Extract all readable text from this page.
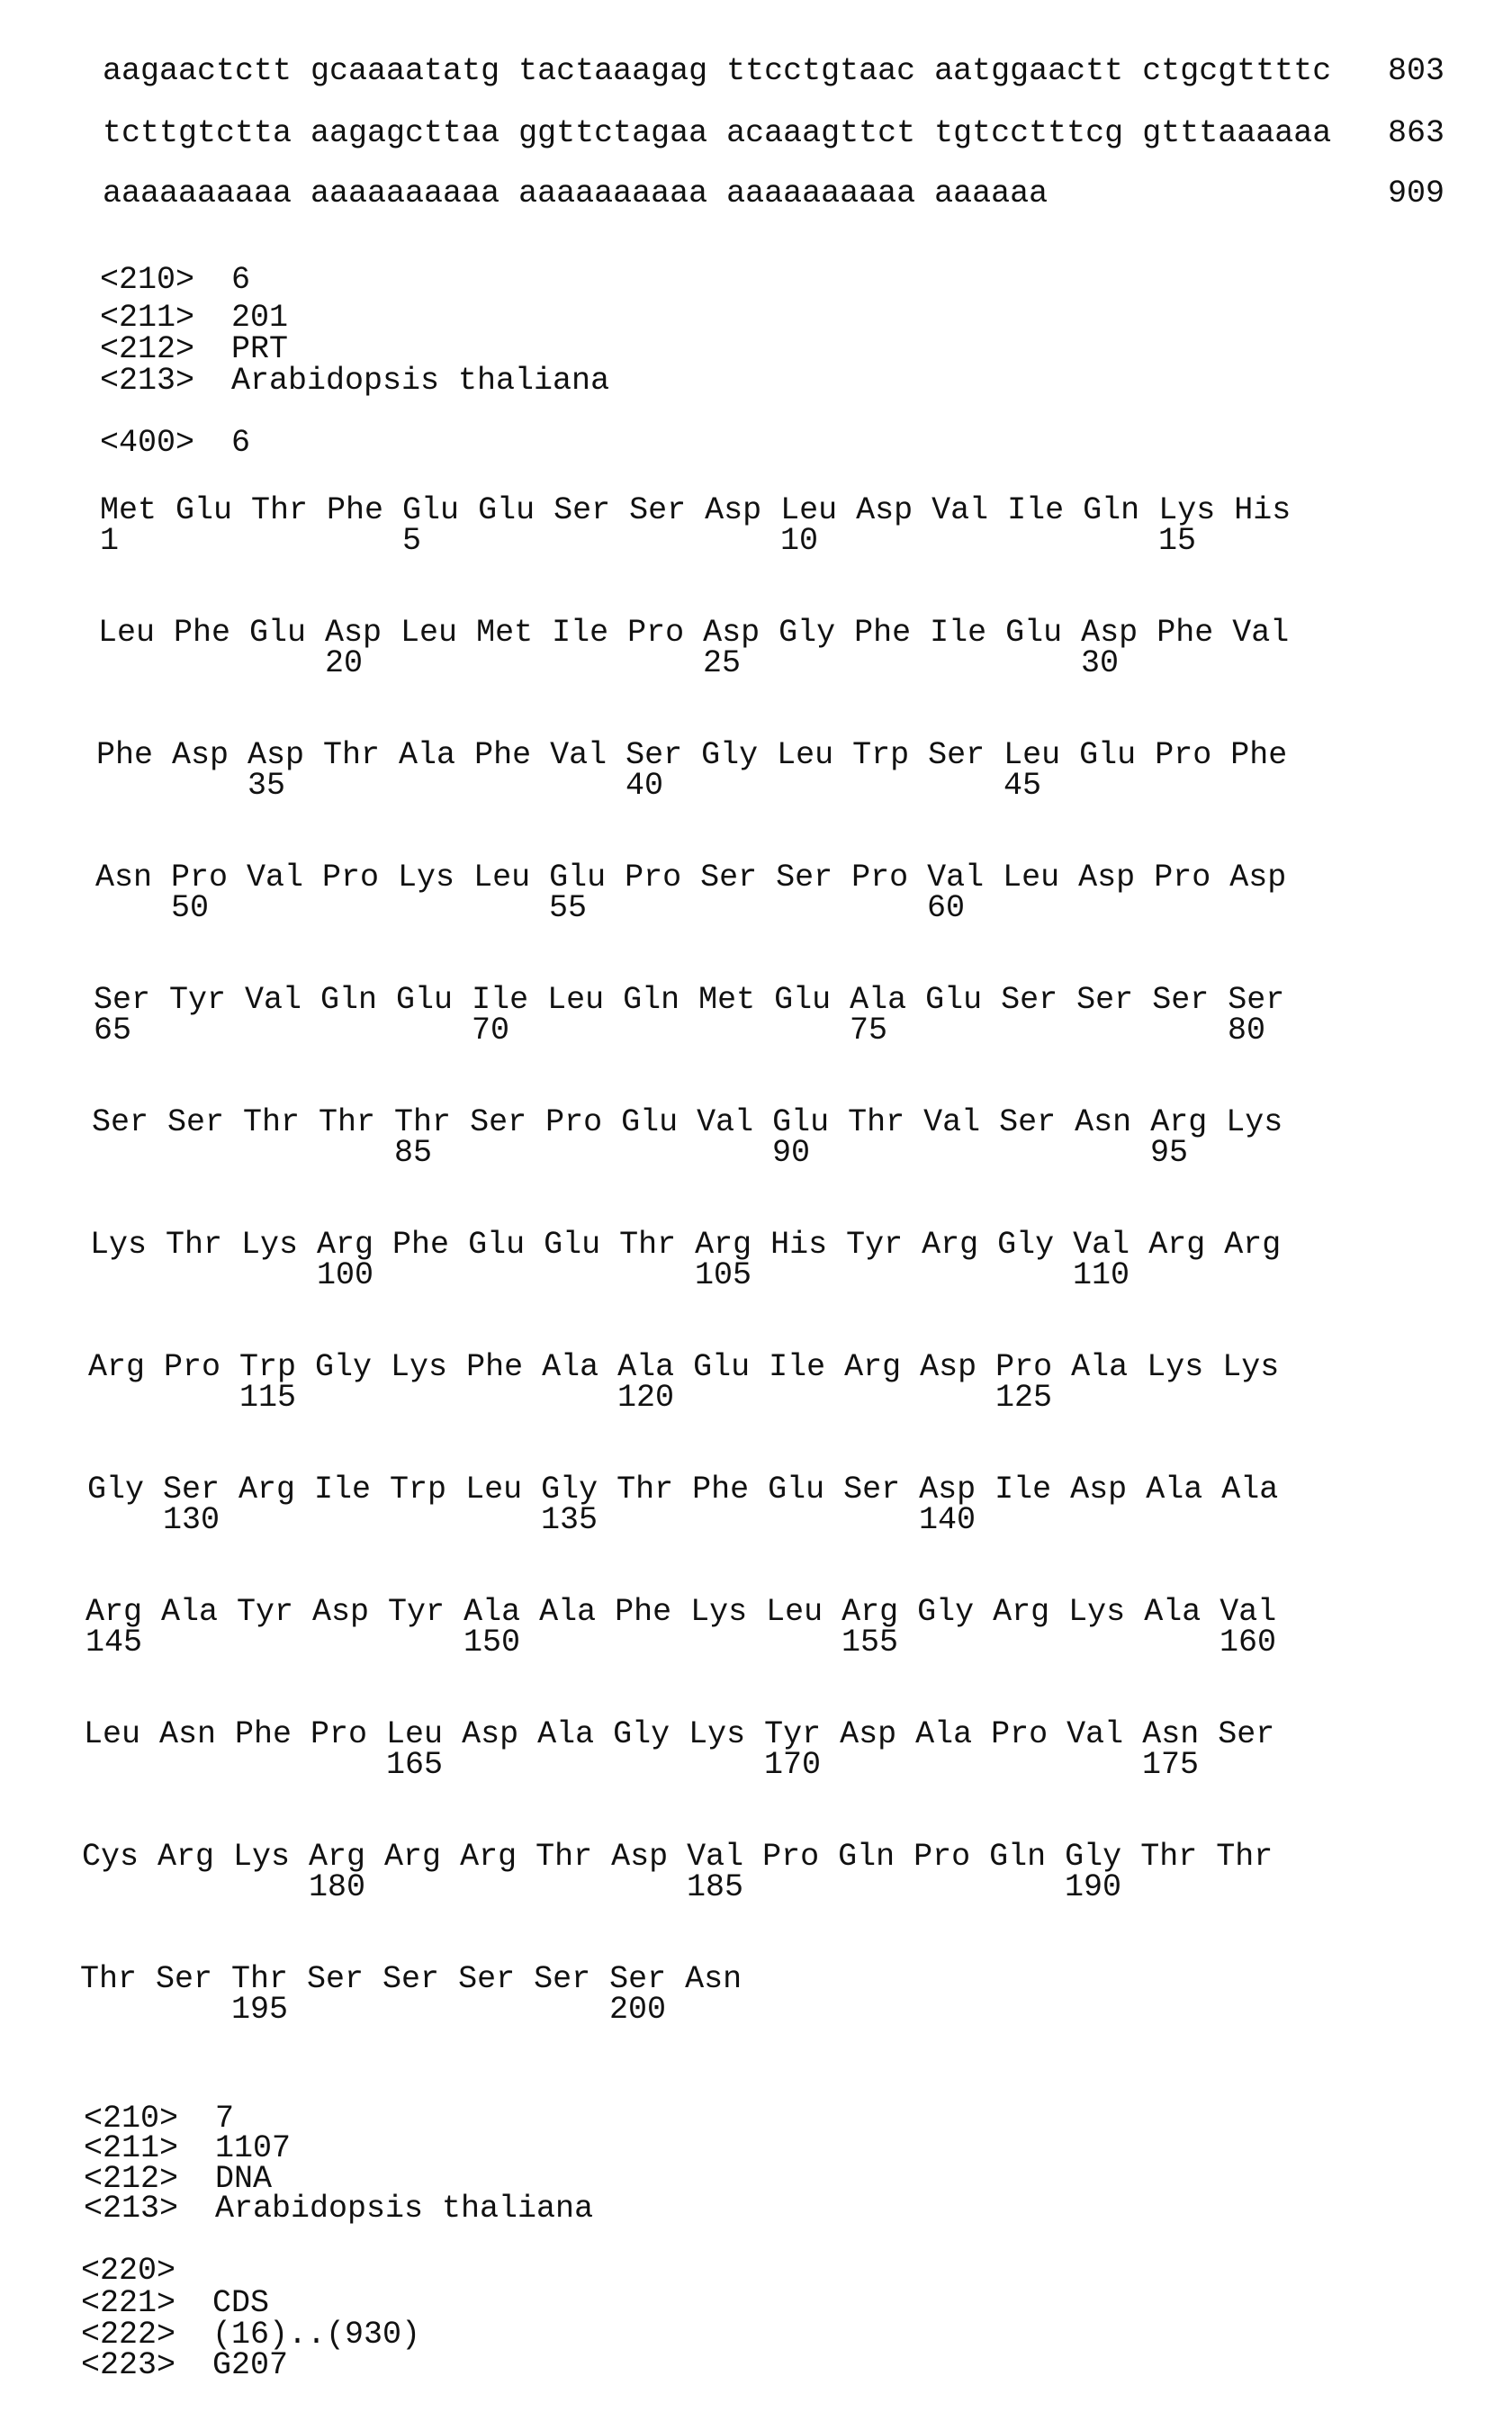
aagaactctt gcaaaatatg tactaaagag ttcctgtaac aatggaactt ctgcgttttc 803
tcttgtctta aagagcttaa ggttctagaa acaaagttct tgtcctttcg gtttaaaaaa 863
aaaaaaaaaa aaaaaaaaaa aaaaaaaaaa aaaaaaaaaa aaaaaa	909
<210> 6
<211> 201
<212> PRT
<213> Arabidopsis thaliana
<400> 6
Met Glu Thr Phe Glu Glu Ser Ser Asp Leu Asp Val Ile Gln Lys His
1	5	10	15
Leu Phe Glu Asp Leu Met Ile Pro Asp Gly Phe Ile Glu Asp Phe Val
20	25	30
Phe Asp Asp Thr Ala Phe Val Ser Gly Leu Trp Ser Leu Glu Pro Phe
35	40	45
Asn Pro Val Pro Lys Leu Glu Pro Ser Ser Pro Val Leu Asp Pro Asp
50	55	60
Ser Tyr Val Gln Glu Ile Leu Gln Met Glu Ala Glu Ser Ser Ser Ser
65	70	75	80
Ser Ser Thr Thr Thr Ser Pro Glu Val Glu Thr Val Ser Asn Arg Lys
85	90	95
Lys Thr Lys Arg Phe Glu Glu Thr Arg His Tyr Arg Gly Val Arg Arg
100	105	110
Arg Pro Trp Gly Lys Phe Ala Ala Glu Ile Arg Asp Pro Ala Lys Lys
115	120	125
Gly Ser Arg Ile Trp Leu Gly Thr Phe Glu Ser Asp Ile Asp Ala Ala
130	135	140
Arg Ala Tyr Asp Tyr Ala Ala Phe Lys Leu Arg Gly Arg Lys Ala Val
145	150	155	160
Leu Asn Phe Pro Leu Asp Ala Gly Lys Tyr Asp Ala Pro Val Asn Ser
165	170	175
Cys Arg Lys Arg Arg Arg Thr Asp Val Pro Gln Pro Gln Gly Thr Thr
180	185	190
Thr Ser Thr Ser Ser Ser Ser Ser Asn
195	200
<210> 7
<211> 1107
<212> DNA
<213> Arabidopsis thaliana
<220>
<221> CDS
<222> (16)..(930)
<223> G207
